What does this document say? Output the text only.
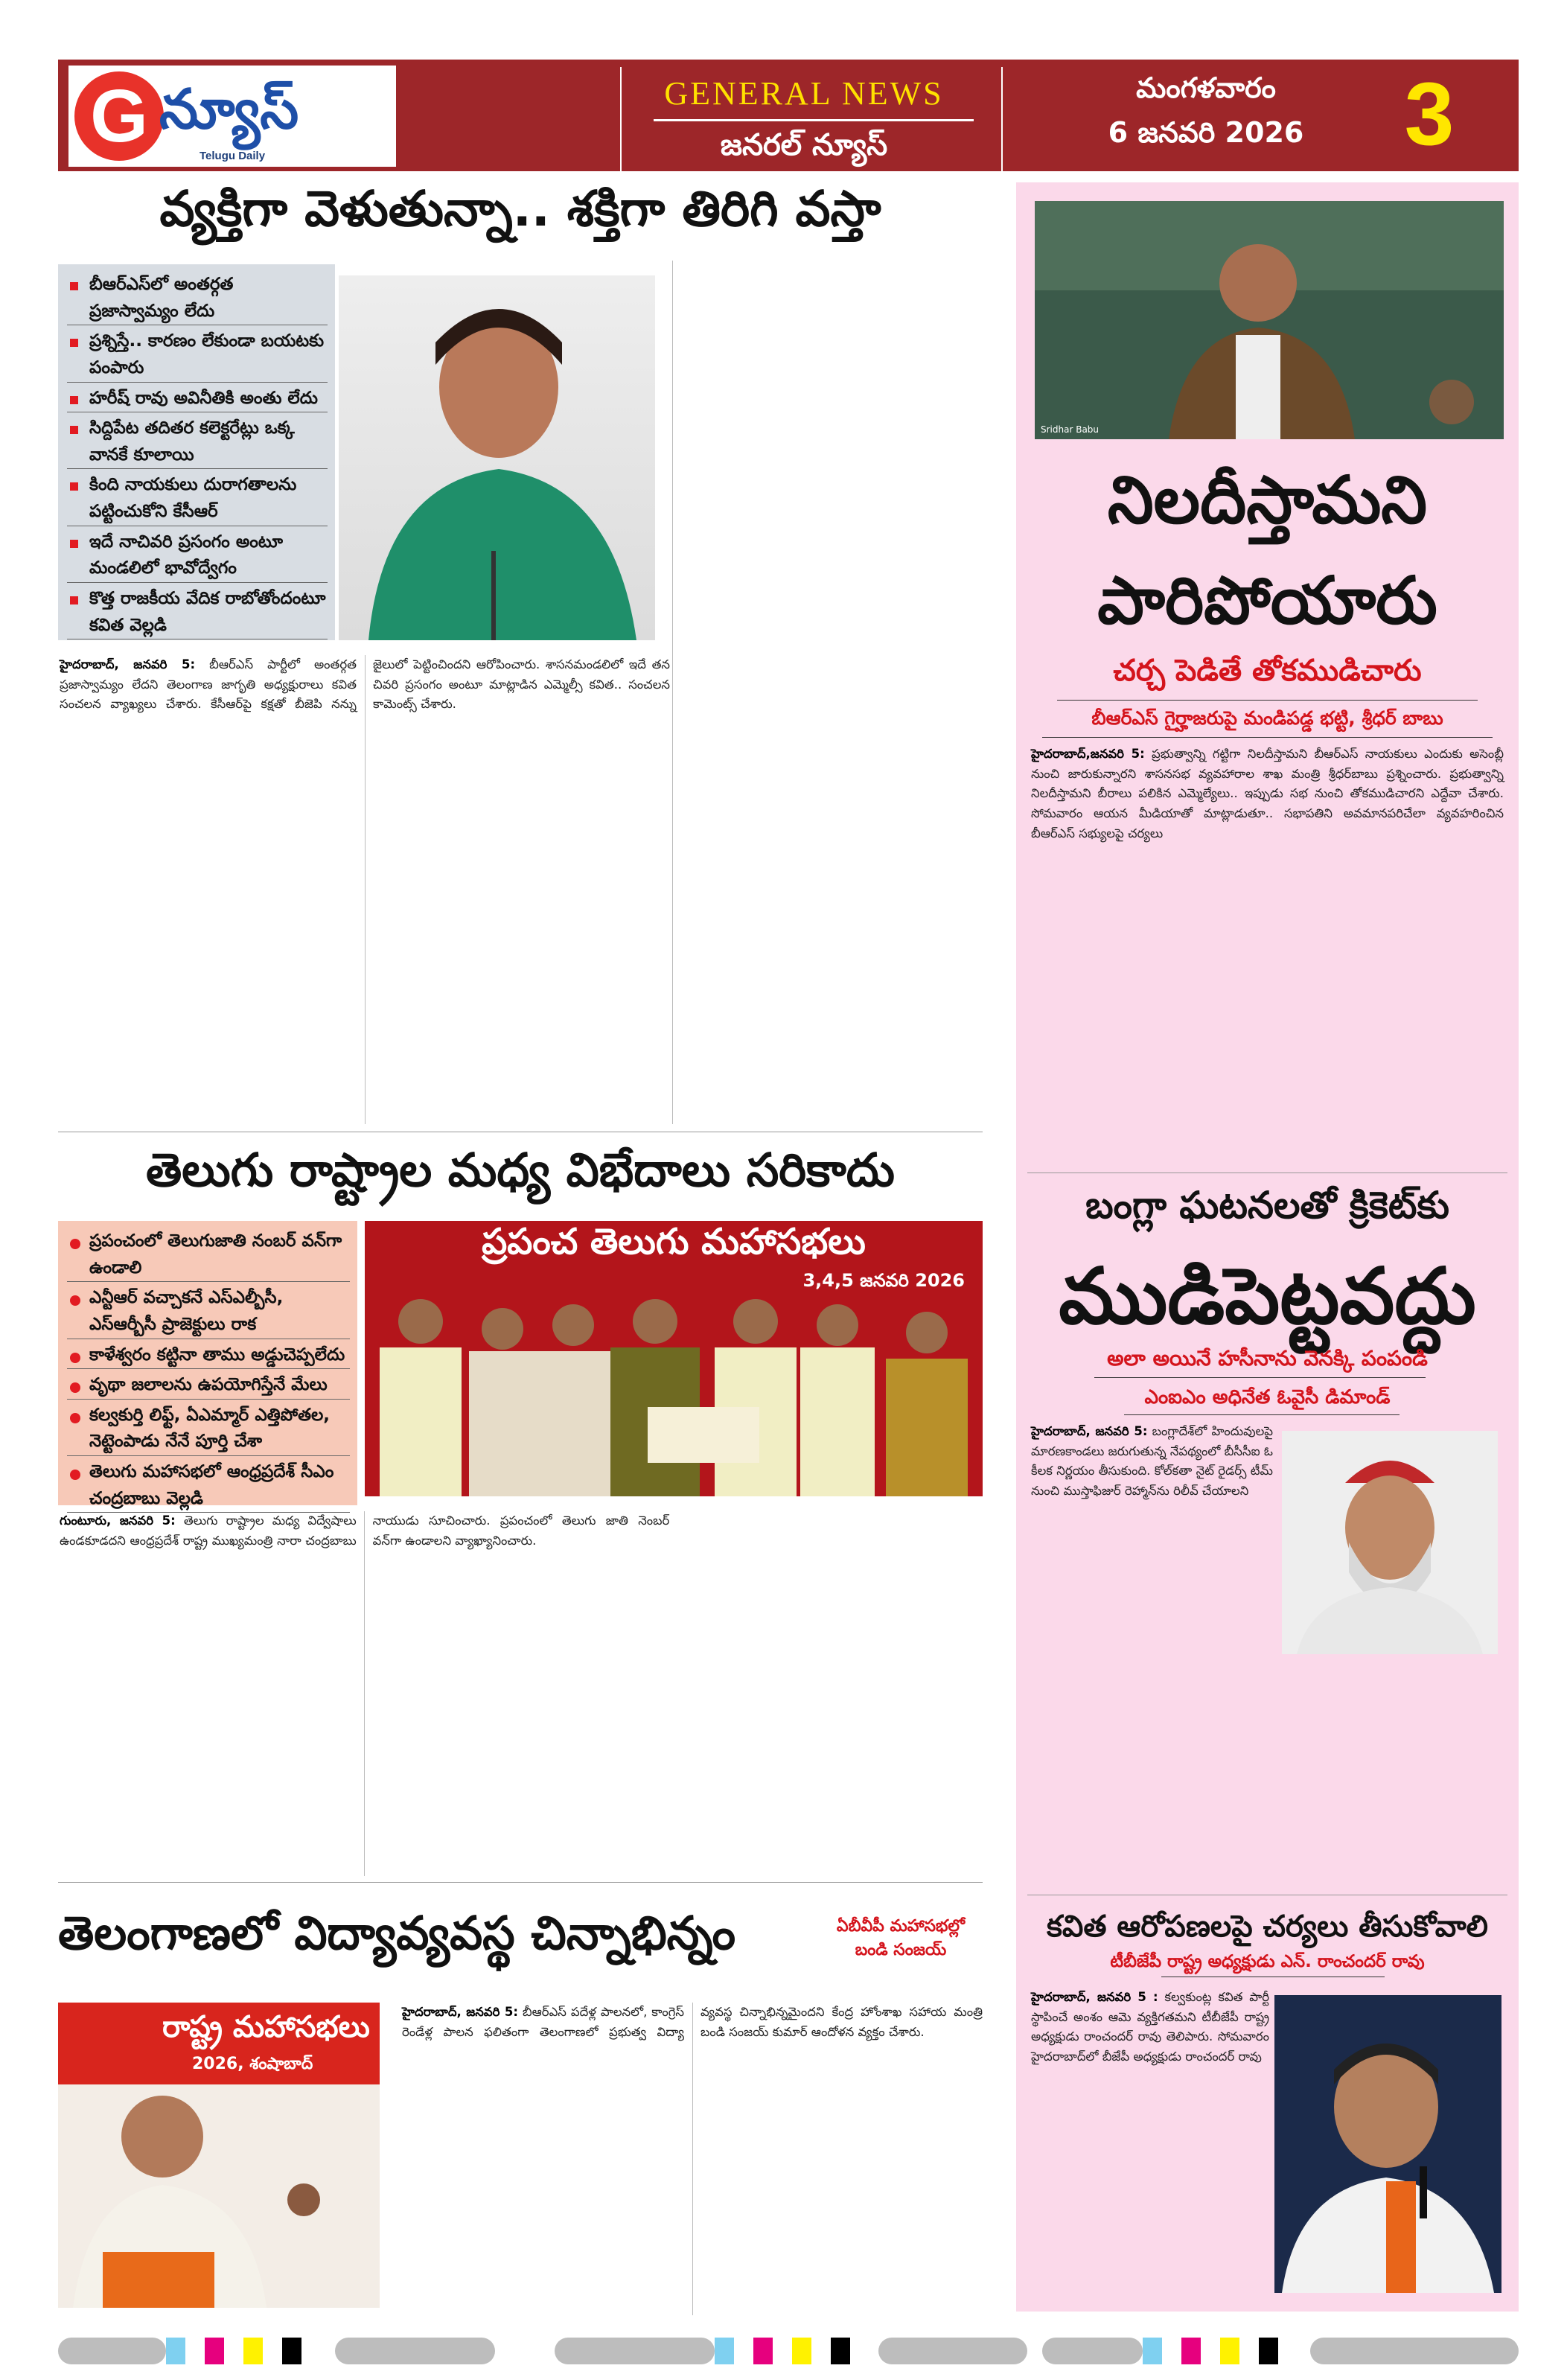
G న్యూస్
Telugu Daily
GENERAL NEWS
జనరల్ న్యూస్
మంగళవారం
6 జనవరి 2026	3
వ్యక్తిగా వెళుతున్నా.. శక్తిగా తిరిగి వస్తా
బీఆర్‌ఎస్‌లో అంతర్గత ప్రజాస్వామ్యం లేదు
ప్రశ్నిస్తే.. కారణం లేకుండా బయటకు పంపారు
హరీష్ రావు అవినీతికి అంతు లేదు
సిద్దిపేట తదితర కలెక్టరేట్లు ఒక్క వానకే కూలాయి
కింది నాయకులు దురాగతాలను పట్టించుకోని కేసీఆర్
ఇదే నాచివరి ప్రసంగం అంటూ మండలిలో భావోద్వేగం
కొత్త రాజకీయ వేదిక రాబోతోందంటూ కవిత వెల్లడి
హైదరాబాద్, జనవరి 5: బీఆర్‌ఎస్ పార్టీలో అంతర్గత ప్రజాస్వామ్యం లేదని తెలంగాణ జాగృతి అధ్యక్షురాలు కవిత సంచలన వ్యాఖ్యలు చేశారు. కేసీఆర్‌పై కక్షతో బీజెపి నన్ను జైలులో పెట్టించిందని ఆరోపించారు. శాసనమండలిలో ఇదే తన చివరి ప్రసంగం అంటూ మాట్లాడిన ఎమ్మెల్సీ కవిత.. సంచలన కామెంట్స్ చేశారు.
తెలుగు రాష్ట్రాల మధ్య విభేదాలు సరికాదు
ప్రపంచంలో తెలుగుజాతి నంబర్ వన్‌గా ఉండాలి
ఎన్టీఆర్ వచ్చాకనే ఎస్ఎల్బీసీ, ఎస్ఆర్బీసీ ప్రాజెక్టులు రాక
కాళేశ్వరం కట్టినా తాము అడ్డుచెప్పలేదు
వృథా జలాలను ఉపయోగిస్తేనే మేలు
కల్వకుర్తి లిఫ్ట్, ఏఎమ్మార్ ఎత్తిపోతల, నెట్టెంపాడు నేనే పూర్తి చేశా
తెలుగు మహాసభలో ఆంధ్రప్రదేశ్ సీఎం చంద్రబాబు వెల్లడి
ప్రపంచ తెలుగు మహాసభలు
3,4,5 జనవరి 2026
గుంటూరు, జనవరి 5: తెలుగు రాష్ట్రాల మధ్య విద్వేషాలు ఉండకూడదని ఆంధ్రప్రదేశ్ రాష్ట్ర ముఖ్యమంత్రి నారా చంద్రబాబు నాయుడు సూచించారు. ప్రపంచంలో తెలుగు జాతి నెంబర్ వన్‌గా ఉండాలని వ్యాఖ్యానించారు.
తెలంగాణలో విద్యావ్యవస్థ చిన్నాభిన్నం	ఏబీవీపీ మహాసభల్లో బండి సంజయ్
రాష్ట్ర మహాసభలు
2026, శంషాబాద్
హైదరాబాద్, జనవరి 5: బీఆర్‌ఎస్ పదేళ్ల పాలనలో, కాంగ్రెస్ రెండేళ్ల పాలన ఫలితంగా తెలంగాణలో ప్రభుత్వ విద్యా వ్యవస్థ చిన్నాభిన్నమైందని కేంద్ర హోంశాఖ సహాయ మంత్రి బండి సంజయ్ కుమార్ ఆందోళన వ్యక్తం చేశారు.
Sridhar Babu
నిలదీస్తామని
పారిపోయారు
చర్చ పెడితే తోకముడిచారు
బీఆర్‌ఎస్ గైర్హాజరుపై మండిపడ్డ భట్టి, శ్రీధర్ బాబు
హైదరాబాద్,జనవరి 5: ప్రభుత్వాన్ని గట్టిగా నిలదీస్తామని బీఆర్‌ఎస్ నాయకులు ఎందుకు అసెంబ్లీ నుంచి జారుకున్నారని శాసనసభ వ్యవహారాల శాఖ మంత్రి శ్రీధర్‌బాబు ప్రశ్నించారు. ప్రభుత్వాన్ని నిలదీస్తామని బీరాలు పలికిన ఎమ్మెల్యేలు.. ఇప్పుడు సభ నుంచి తోకముడిచారని ఎద్దేవా చేశారు. సోమవారం ఆయన మీడియాతో మాట్లాడుతూ.. సభాపతిని అవమానపరిచేలా వ్యవహరించిన బీఆర్‌ఎస్ సభ్యులపై చర్యలు
బంగ్లా ఘటనలతో క్రికెట్‌కు
ముడిపెట్టవద్దు
అలా అయినే హసీనాను వెనక్కి పంపండి
ఎంఐఎం అధినేత ఓవైసీ డిమాండ్
హైదరాబాద్, జనవరి 5: బంగ్లాదేశ్‌లో హిందువులపై మారణకాండలు జరుగుతున్న నేపథ్యంలో బీసీసీఐ ఓ కీలక నిర్ణయం తీసుకుంది. కోల్‌కతా నైట్ రైడర్స్ టీమ్ నుంచి ముస్తాఫిజుర్ రెహ్మాన్‌ను రిలీవ్ చేయాలని
కవిత ఆరోపణలపై చర్యలు తీసుకోవాలి
టీబీజేపీ రాష్ట్ర అధ్యక్షుడు ఎన్. రాంచందర్ రావు
హైదరాబాద్, జనవరి 5 : కల్వకుంట్ల కవిత పార్టీ స్థాపించే అంశం ఆమె వ్యక్తిగతమని టీబీజేపీ రాష్ట్ర అధ్యక్షుడు రాంచందర్ రావు తెలిపారు. సోమవారం హైదరాబాద్‌లో బీజేపీ అధ్యక్షుడు రాంచందర్ రావు
